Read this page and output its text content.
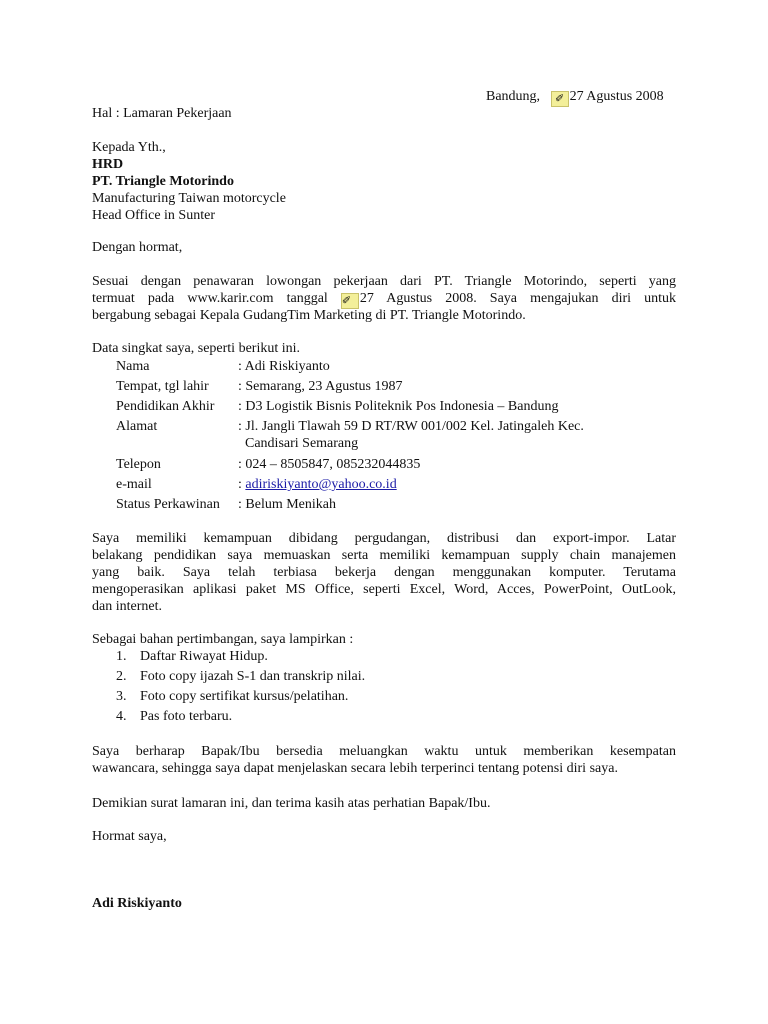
Bandung, ✐ 27 Agustus 2008
Hal : Lamaran Pekerjaan
Kepada Yth.,
HRD
PT. Triangle Motorindo
Manufacturing Taiwan motorcycle
Head Office in Sunter
Dengan hormat,
Sesuai dengan penawaran lowongan pekerjaan dari PT. Triangle Motorindo, seperti yang
termuat pada www.karir.com tanggal ✐ 27 Agustus 2008. Saya mengajukan diri untuk
bergabung sebagai Kepala GudangTim Marketing di PT. Triangle Motorindo.
Data singkat saya, seperti berikut ini.
Nama	: Adi Riskiyanto
Tempat, tgl lahir	: Semarang, 23 Agustus 1987
Pendidikan Akhir	: D3 Logistik Bisnis Politeknik Pos Indonesia – Bandung
Alamat	: Jl. Jangli Tlawah 59 D RT/RW 001/002 Kel. Jatingaleh Kec.
Candisari Semarang
Telepon	: 024 – 8505847, 085232044835
e-mail	: adiriskiyanto@yahoo.co.id
Status Perkawinan	: Belum Menikah
Saya memiliki kemampuan dibidang pergudangan, distribusi dan export-impor. Latar
belakang pendidikan saya memuaskan serta memiliki kemampuan supply chain manajemen
yang baik. Saya telah terbiasa bekerja dengan menggunakan komputer. Terutama
mengoperasikan aplikasi paket MS Office, seperti Excel, Word, Acces, PowerPoint, OutLook,
dan internet.
Sebagai bahan pertimbangan, saya lampirkan :
1. Daftar Riwayat Hidup.
2. Foto copy ijazah S-1 dan transkrip nilai.
3. Foto copy sertifikat kursus/pelatihan.
4. Pas foto terbaru.
Saya berharap Bapak/Ibu bersedia meluangkan waktu untuk memberikan kesempatan
wawancara, sehingga saya dapat menjelaskan secara lebih terperinci tentang potensi diri saya.
Demikian surat lamaran ini, dan terima kasih atas perhatian Bapak/Ibu.
Hormat saya,
Adi Riskiyanto
